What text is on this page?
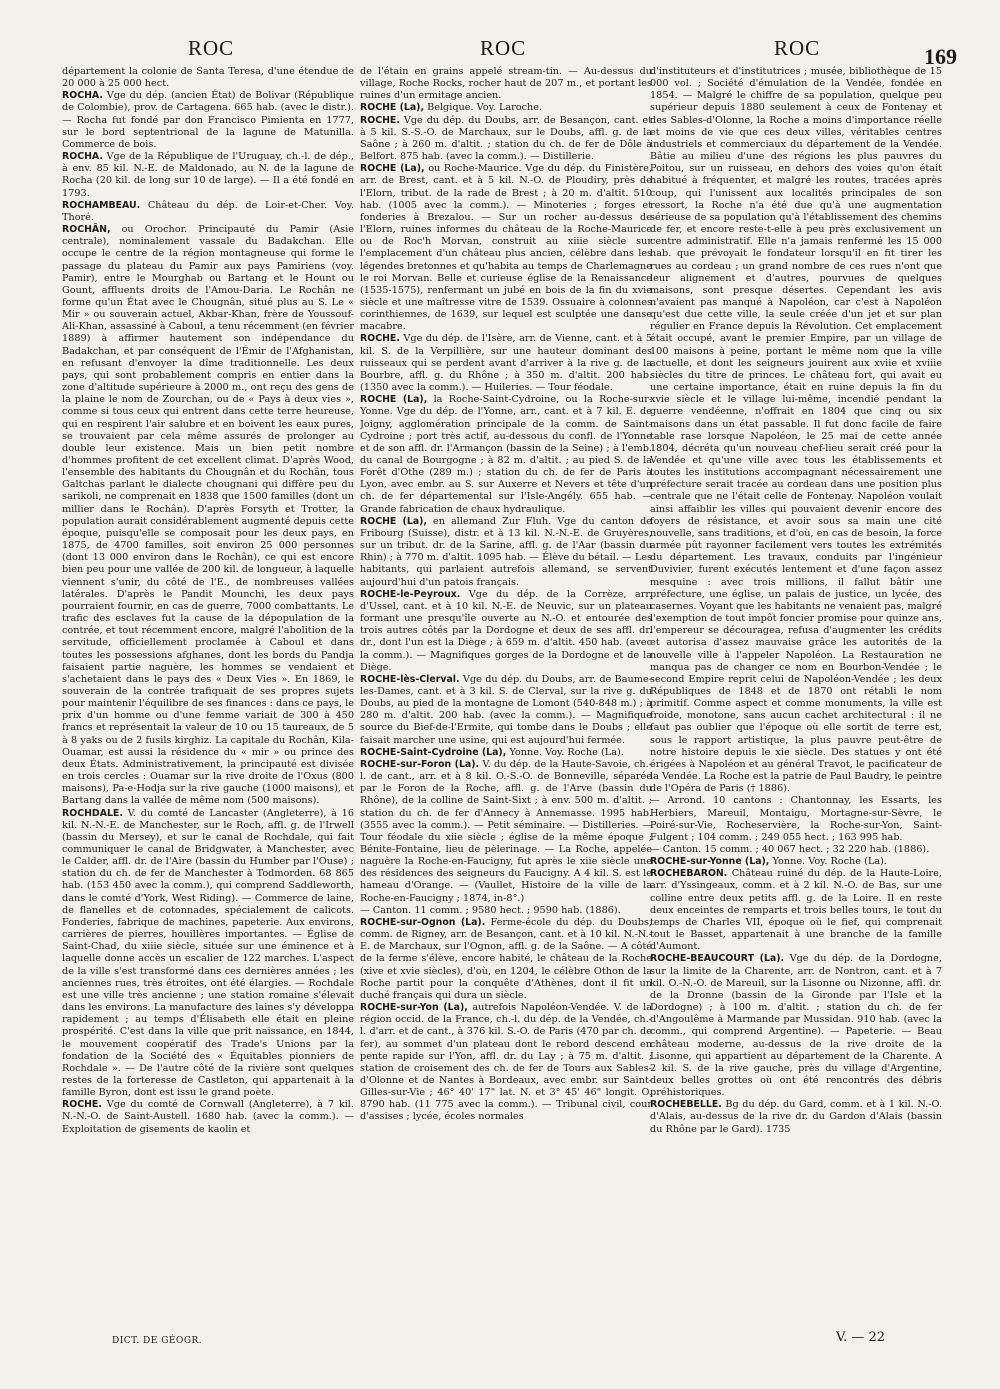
ROC	ROC	ROC	169

département la colonie de Santa Teresa, d'une étendue de 20 000 à 25 000 hect.

ROCHA. Vge du dép. (ancien État) de Bolivar (République de Colombie), prov. de Cartagena. 665 hab. (avec le distr.). — Rocha fut fondé par don Francisco Pimienta en 1777, sur le bord septentrional de la lagune de Matunilla. Commerce de bois.

ROCHA. Vge de la République de l'Uruguay, ch.-l. de dép., à env. 85 kil. N.-E. de Maldonado, au N. de la lagune de Rocha (20 kil. de long sur 10 de large). — Il a été fondé en 1793.

ROCHAMBEAU. Château du dép. de Loir-et-Cher. Voy. Thoré.

ROCHÂN, ou Orochor. Principauté du Pamir (Asie centrale), nominalement vassale du Badakchan. Elle occupe le centre de la région montagneuse qui forme le passage du plateau du Pamir aux pays Pamiriens (voy. Pamir), entre le Mourghab ou Bartang et le Hount ou Gount, affluents droits de l'Amou-Daria. Le Rochân ne forme qu'un État avec le Chougnân, situé plus au S. Le « Mir » ou souverain actuel, Akbar-Khan, frère de Youssouf-Ali-Khan, assassiné à Caboul, a tenu récemment (en février 1889) à affirmer hautement son indépendance du Badakchan, et par conséquent de l'Émir de l'Afghanistan, en refusant d'envoyer la dîme traditionnelle. Les deux pays, qui sont probablement compris en entier dans la zone d'altitude supérieure à 2000 m., ont reçu des gens de la plaine le nom de Zourchan, ou de « Pays à deux vies », comme si tous ceux qui entrent dans cette terre heureuse, qui en respirent l'air salubre et en boivent les eaux pures, se trouvaient par cela même assurés de prolonger au double leur existence. Mais un bien petit nombre d'hommes profitent de cet excellent climat. D'après Wood, l'ensemble des habitants du Chougnân et du Rochân, tous Galtchas parlant le dialecte chougnani qui diffère peu du sarikoli, ne comprenait en 1838 que 1500 familles (dont un millier dans le Rochân). D'après Forsyth et Trotter, la population aurait considérablement augmenté depuis cette époque, puisqu'elle se composait pour les deux pays, en 1875, de 4700 familles, soit environ 25 000 personnes (dont 13 000 environ dans le Rochân), ce qui est encore bien peu pour une vallée de 200 kil. de longueur, à laquelle viennent s'unir, du côté de l'E., de nombreuses vallées latérales. D'après le Pandit Mounchi, les deux pays pourraient fournir, en cas de guerre, 7000 combattants. Le trafic des esclaves fut la cause de la dépopulation de la contrée, et tout récemment encore, malgré l'abolition de la servitude, officiellement proclamée à Caboul et dans toutes les possessions afghanes, dont les bords du Pandja faisaient partie naguère, les hommes se vendaient et s'achetaient dans le pays des « Deux Vies ». En 1869, le souverain de la contrée trafiquait de ses propres sujets pour maintenir l'équilibre de ses finances : dans ce pays, le prix d'un homme ou d'une femme variait de 300 à 450 francs et représentait la valeur de 10 ou 15 taureaux, de 5 à 8 yaks ou de 2 fusils kirghiz. La capitale du Rochân, Kila-Ouamar, est aussi la résidence du « mir » ou prince des deux États. Administrativement, la principauté est divisée en trois cercles : Ouamar sur la rive droite de l'Oxus (800 maisons), Pa-e-Hodja sur la rive gauche (1000 maisons), et Bartang dans la vallée de même nom (500 maisons).

ROCHDALE. V. du comté de Lancaster (Angleterre), à 16 kil. N.-N.-E. de Manchester, sur le Roch, affl. g. de l'Irwell (bassin du Mersey), et sur le canal de Rochdale, qui fait communiquer le canal de Bridgwater, à Manchester, avec le Calder, affl. dr. de l'Aire (bassin du Humber par l'Ouse) ; station du ch. de fer de Manchester à Todmorden. 68 865 hab. (153 450 avec la comm.), qui comprend Saddleworth, dans le comté d'York, West Riding). — Commerce de laine, de flanelles et de cotonnades, spécialement de calicots. Fonderies, fabrique de machines, papeterie. Aux environs, carrières de pierres, houillères importantes. — Église de Saint-Chad, du xiiie siècle, située sur une éminence et à laquelle donne accès un escalier de 122 marches. L'aspect de la ville s'est transformé dans ces dernières années ; les anciennes rues, très étroites, ont été élargies. — Rochdale est une ville très ancienne ; une station romaine s'élevait dans les environs. La manufacture des laines s'y développa rapidement ; au temps d'Élisabeth elle était en pleine prospérité. C'est dans la ville que prit naissance, en 1844, le mouvement coopératif des Trade's Unions par la fondation de la Société des « Équitables pionniers de Rochdale ». — De l'autre côté de la rivière sont quelques restes de la forteresse de Castleton, qui appartenait à la famille Byron, dont est issu le grand poète.

ROCHE. Vge du comté de Cornwall (Angleterre), à 7 kil. N.-N.-O. de Saint-Austell. 1680 hab. (avec la comm.). — Exploitation de gisements de kaolin et

de l'étain en grains appelé stream-tin. — Au-dessus du village, Roche Rocks, rocher haut de 207 m., et portant les ruines d'un ermitage ancien.

ROCHE (La), Belgique. Voy. Laroche.

ROCHE. Vge du dép. du Doubs, arr. de Besançon, cant. et à 5 kil. S.-S.-O. de Marchaux, sur le Doubs, affl. g. de la Saône ; à 260 m. d'altit. ; station du ch. de fer de Dôle à Belfort. 875 hab. (avec la comm.). — Distillerie.

ROCHE (La), ou Roche-Maurice. Vge du dép. du Finistère, arr. de Brest, cant. et à 5 kil. N.-O. de Ploudiry, près de l'Elorn, tribut. de la rade de Brest ; à 20 m. d'altit. 510 hab. (1005 avec la comm.). — Minoteries ; forges et fonderies à Brezalou. — Sur un rocher au-dessus de l'Elorn, ruines informes du château de la Roche-Maurice ou de Roc'h Morvan, construit au xiiie siècle sur l'emplacement d'un château plus ancien, célèbre dans les légendes bretonnes et qu'habita au temps de Charlemagne le roi Morvan. Belle et curieuse église de la Renaissance (1535-1575), renfermant un jubé en bois de la fin du xvie siècle et une maîtresse vitre de 1539. Ossuaire à colonnes corinthiennes, de 1639, sur lequel est sculptée une danse macabre.

ROCHE. Vge du dép. de l'Isère, arr. de Vienne, cant. et à 5 kil. S. de la Verpillière, sur une hauteur dominant des ruisseaux qui se perdent avant d'arriver à la rive g. de la Bourbre, affl. g. du Rhône ; à 350 m. d'altit. 200 hab. (1350 avec la comm.). — Huileries. — Tour féodale.

ROCHE (La), la Roche-Saint-Cydroine, ou la Roche-sur-Yonne. Vge du dép. de l'Yonne, arr., cant. et à 7 kil. E. de Joigny, agglomération principale de la comm. de Saint-Cydroine ; port très actif, au-dessous du confl. de l'Yonne et de son affl. dr. l'Armançon (bassin de la Seine) ; à l'emb. du canal de Bourgogne ; à 82 m. d'altit. ; au pied S. de la Forêt d'Othe (289 m.) ; station du ch. de fer de Paris à Lyon, avec embr. au S. sur Auxerre et Nevers et tête d'un ch. de fer départemental sur l'Isle-Angély. 655 hab. — Grande fabrication de chaux hydraulique.

ROCHE (La), en allemand Zur Fluh. Vge du canton de Fribourg (Suisse), distr. et à 13 kil. N.-N.-E. de Gruyères, sur un tribut. dr. de la Sarine, affl. g. de l'Aar (bassin du Rhin) ; à 770 m. d'altit. 1095 hab. — Élève du bétail. — Les habitants, qui parlaient autrefois allemand, se servent aujourd'hui d'un patois français.

ROCHE-le-Peyroux. Vge du dép. de la Corrèze, arr. d'Ussel, cant. et à 10 kil. N.-E. de Neuvic, sur un plateau formant une presqu'île ouverte au N.-O. et entourée des trois autres côtés par la Dordogne et deux de ses affl. dr. dr., dont l'un est la Diège ; à 659 m. d'altit. 450 hab. (avec la comm.). — Magnifiques gorges de la Dordogne et de la Diège.

ROCHE-lès-Clerval. Vge du dép. du Doubs, arr. de Baume-les-Dames, cant. et à 3 kil. S. de Clerval, sur la rive g. du Doubs, au pied de la montagne de Lomont (540-848 m.) ; à 280 m. d'altit. 200 hab. (avec la comm.). — Magnifique source du Bief-de-l'Ermite, qui tombe dans le Doubs ; elle faisait marcher une usine, qui est aujourd'hui fermée.

ROCHE-Saint-Cydroine (La), Yonne. Voy. Roche (La).

ROCHE-sur-Foron (La). V. du dép. de la Haute-Savoie, ch.-l. de cant., arr. et à 8 kil. O.-S.-O. de Bonneville, séparée par le Foron de la Roche, affl. g. de l'Arve (bassin du Rhône), de la colline de Saint-Sixt ; à env. 500 m. d'altit. ; station du ch. de fer d'Annecy à Annemasse. 1995 hab. (3555 avec la comm.). — Petit séminaire. — Distilleries. — Tour féodale du xiie siècle ; église de la même époque ; Bénite-Fontaine, lieu de pèlerinage. — La Roche, appelée naguère la Roche-en-Faucigny, fut après le xiie siècle une des résidences des seigneurs du Faucigny. A 4 kil. S. est le hameau d'Orange. — (Vaullet, Histoire de la ville de la Roche-en-Faucigny ; 1874, in-8°.)

— Canton. 11 comm. ; 9580 hect. ; 9590 hab. (1886).

ROCHE-sur-Ognon (La). Ferme-école du dép. du Doubs, comm. de Rigney, arr. de Besançon, cant. et à 10 kil. N.-N.-E. de Marchaux, sur l'Ognon, affl. g. de la Saône. — A côté de la ferme s'élève, encore habité, le château de la Roche (xive et xvie siècles), d'où, en 1204, le célèbre Othon de la Roche partit pour la conquête d'Athènes, dont il fit un duché français qui dura un siècle.

ROCHE-sur-Yon (La), autrefois Napoléon-Vendée. V. de la région occid. de la France, ch.-l. du dép. de la Vendée, ch.-l. d'arr. et de cant., à 376 kil. S.-O. de Paris (470 par ch. de fer), au sommet d'un plateau dont le rebord descend en pente rapide sur l'Yon, affl. dr. du Lay ; à 75 m. d'altit. ; station de croisement des ch. de fer de Tours aux Sables-d'Olonne et de Nantes à Bordeaux, avec embr. sur Saint-Gilles-sur-Vie ; 46° 40' 17" lat. N. et 3° 45' 46" longit. O. 8790 hab. (11 775 avec la comm.). — Tribunal civil, cour d'assises ; lycée, écoles normales

d'instituteurs et d'institutrices ; musée, bibliothèque de 15 000 vol. ; Société d'émulation de la Vendée, fondée en 1854. — Malgré le chiffre de sa population, quelque peu supérieur depuis 1880 seulement à ceux de Fontenay et des Sables-d'Olonne, la Roche a moins d'importance réelle et moins de vie que ces deux villes, véritables centres industriels et commerciaux du département de la Vendée. Bâtie au milieu d'une des régions les plus pauvres du Poitou, sur un ruisseau, en dehors des voies qu'on était habitué à fréquenter, et malgré les routes, tracées après coup, qui l'unissent aux localités principales de son ressort, la Roche n'a été due qu'à une augmentation sérieuse de sa population qu'à l'établissement des chemins de fer, et encore reste-t-elle à peu près exclusivement un centre administratif. Elle n'a jamais renfermé les 15 000 hab. que prévoyait le fondateur lorsqu'il en fit tirer les rues au cordeau ; un grand nombre de ces rues n'ont que leur alignement et d'autres, pourvues de quelques maisons, sont presque désertes. Cependant les avis n'avaient pas manqué à Napoléon, car c'est à Napoléon qu'est due cette ville, la seule créée d'un jet et sur plan régulier en France depuis la Révolution. Cet emplacement était occupé, avant le premier Empire, par un village de 100 maisons à peine, portant le même nom que la ville actuelle, et dont les seigneurs jouirent aux xviie et xviiie siècles du titre de princes. Le château fort, qui avait eu une certaine importance, était en ruine depuis la fin du xvie siècle et le village lui-même, incendié pendant la guerre vendéenne, n'offrait en 1804 que cinq ou six maisons dans un état passable. Il fut donc facile de faire table rase lorsque Napoléon, le 25 mai de cette année 1804, décréta qu'un nouveau chef-lieu serait créé pour la Vendée et qu'une ville avec tous les établissements et toutes les institutions accompagnant nécessairement une préfecture serait tracée au cordeau dans une position plus centrale que ne l'était celle de Fontenay. Napoléon voulait ainsi affaiblir les villes qui pouvaient devenir encore des foyers de résistance, et avoir sous sa main une cité nouvelle, sans traditions, et d'où, en cas de besoin, la force armée pût rayonner facilement vers toutes les extrémités du département. Les travaux, conduits par l'ingénieur Duvivier, furent exécutés lentement et d'une façon assez mesquine : avec trois millions, il fallut bâtir une préfecture, une église, un palais de justice, un lycée, des casernes. Voyant que les habitants ne venaient pas, malgré l'exemption de tout impôt foncier promise pour quinze ans, l'empereur se découragea, refusa d'augmenter les crédits et autorisa d'assez mauvaise grâce les autorités de la nouvelle ville à l'appeler Napoléon. La Restauration ne manqua pas de changer ce nom en Bourbon-Vendée ; le second Empire reprit celui de Napoléon-Vendée ; les deux Républiques de 1848 et de 1870 ont rétabli le nom primitif. Comme aspect et comme monuments, la ville est froide, monotone, sans aucun cachet architectural : il ne faut pas oublier que l'époque où elle sortit de terre est, sous le rapport artistique, la plus pauvre peut-être de notre histoire depuis le xie siècle. Des statues y ont été érigées à Napoléon et au général Travot, le pacificateur de la Vendée. La Roche est la patrie de Paul Baudry, le peintre de l'Opéra de Paris († 1886).

— Arrond. 10 cantons : Chantonnay, les Essarts, les Herbiers, Mareuil, Montaigu, Mortagne-sur-Sèvre, le Poiré-sur-Vie, Rocheservière, la Roche-sur-Yon, Saint-Fulgent ; 104 comm. ; 249 055 hect. ; 163 995 hab.

— Canton. 15 comm. ; 40 067 hect. ; 32 220 hab. (1886).

ROCHE-sur-Yonne (La), Yonne. Voy. Roche (La).

ROCHEBARON. Château ruiné du dép. de la Haute-Loire, arr. d'Yssingeaux, comm. et à 2 kil. N.-O. de Bas, sur une colline entre deux petits affl. g. de la Loire. Il en reste deux enceintes de remparts et trois belles tours, le tout du temps de Charles VII, époque où le fief, qui comprenait tout le Basset, appartenait à une branche de la famille d'Aumont.

ROCHE-BEAUCOURT (La). Vge du dép. de la Dordogne, sur la limite de la Charente, arr. de Nontron, cant. et à 7 kil. O.-N.-O. de Mareuil, sur la Lisonne ou Nizonne, affl. dr. de la Dronne (bassin de la Gironde par l'Isle et la Dordogne) ; à 100 m. d'altit. ; station du ch. de fer d'Angoulême à Marmande par Mussidan. 910 hab. (avec la comm., qui comprend Argentine). — Papeterie. — Beau château moderne, au-dessus de la rive droite de la Lisonne, qui appartient au département de la Charente. A 2 kil. S. de la rive gauche, près du village d'Argentine, deux belles grottes où ont été rencontrés des débris préhistoriques.

ROCHEBELLE. Bg du dép. du Gard, comm. et à 1 kil. N.-O. d'Alais, au-dessus de la rive dr. du Gardon d'Alais (bassin du Rhône par le Gard). 1735

DICT. DE GÉOGR.	V. — 22
